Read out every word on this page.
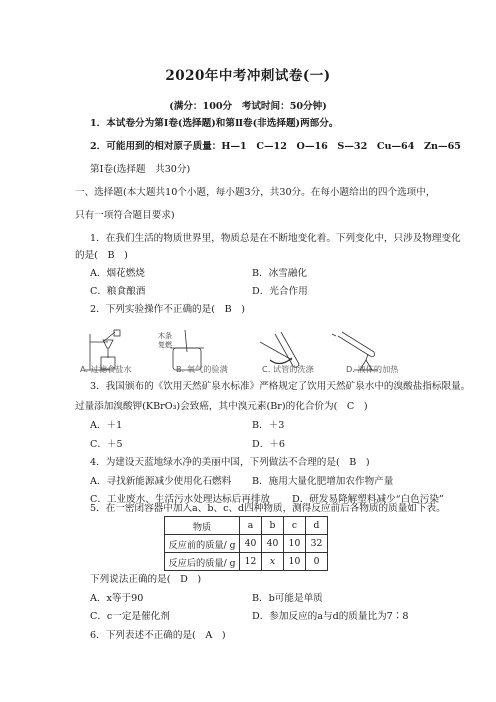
2020年中考冲刺试卷(一)
(满分：100分　考试时间：50分钟)
1．本试卷分为第Ⅰ卷(选择题)和第Ⅱ卷(非选择题)两部分。
2．可能用到的相对原子质量：H—1　C—12　O—16　S—32　Cu—64　Zn—65
第Ⅰ卷(选择题　共30分)
一、选择题(本大题共10个小题，每小题3分，共30分。在每小题给出的四个选项中，
只有一项符合题目要求)
1．在我们生活的物质世界里，物质总是在不断地变化着。下列变化中，只涉及物理变化
的是(　B　)
A．烟花燃烧	B．冰雪融化
C．粮食酿酒	D．光合作用
2．下列实验操作不正确的是(　B　)
木条
复燃
A. 过滤食盐水	B. 氧气的验满	C. 试管的洗涤	D. 液体的加热
3．我国颁布的《饮用天然矿泉水标准》严格规定了饮用天然矿泉水中的溴酸盐指标限量。
过量添加溴酸钾(KBrO₃)会致癌，其中溴元素(Br)的化合价为(　C　)
A．＋1	B．＋3
C．＋5	D．＋6
4．为建设天蓝地绿水净的美丽中国，下列做法不合理的是(　B　)
A．寻找新能源减少使用化石燃料 B．施用大量化肥增加农作物产量
C．工业废水、生活污水处理达标后再排放 D．研发易降解塑料减少“白色污染”
5．在一密闭容器中加入a、b、c、d四种物质，测得反应前后各物质的质量如下表。
物质	a	b	c	d
反应前的质量/ g	40	40	10	32
反应后的质量/ g	12	x	10	0
下列说法正确的是(　D　)
A．x等于90	B．b可能是单质
C．c一定是催化剂	D．参加反应的a与d的质量比为7∶8
6．下列表述不正确的是(　A　)
